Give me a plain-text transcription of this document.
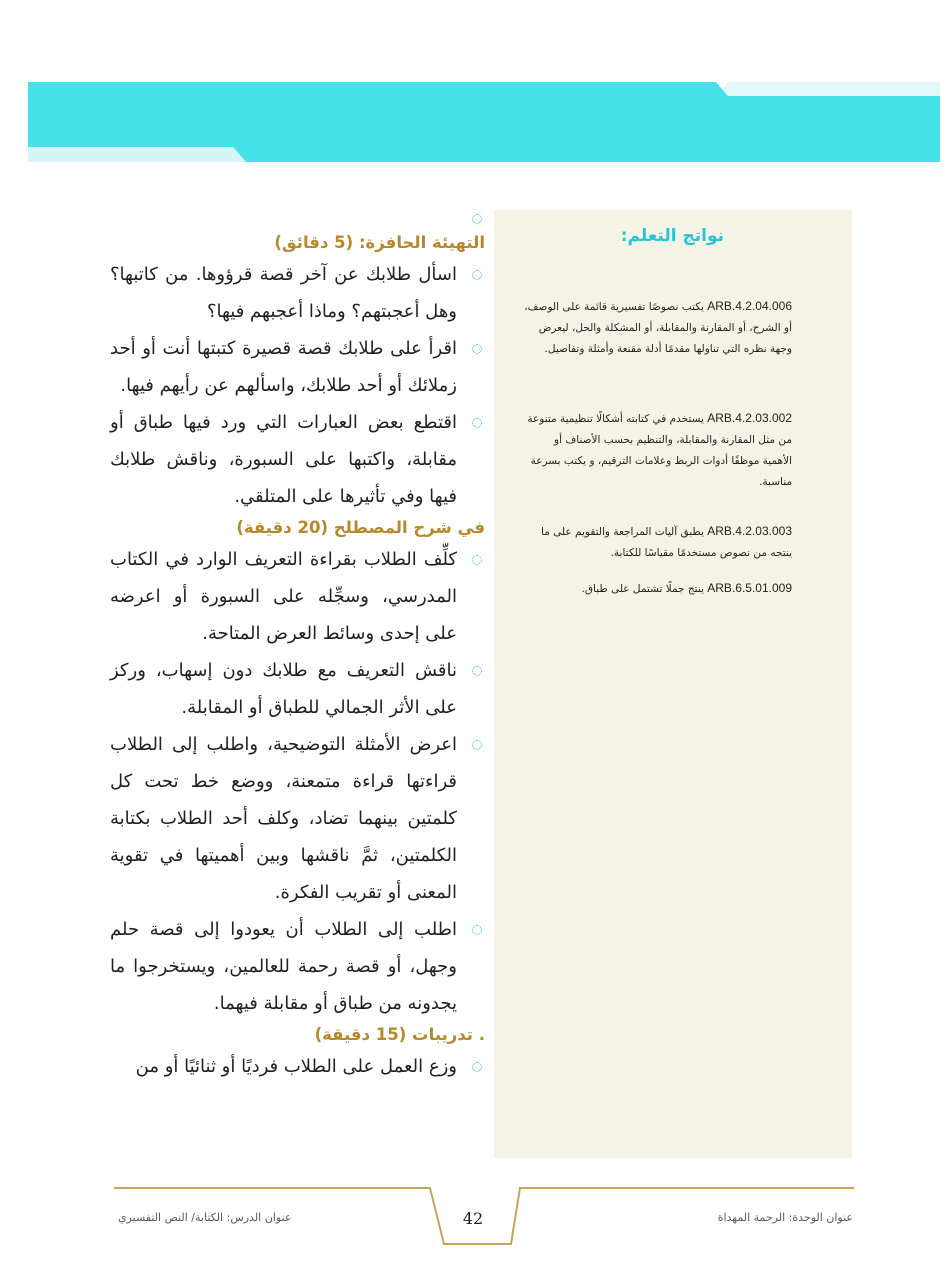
نواتج التعلم:
ARB.4.2.04.006 يكتب نصوصًا تفسيرية قائمة على الوصف، أو الشرح، أو المقارنة والمقابلة، أو المشكلة والحل، ليعرض وجهة نظره التي تناولها مقدمًا أدلة مقنعة وأمثلة وتفاصيل.
ARB.4.2.03.002 يستخدم في كتابته أشكالًا تنظيمية متنوعة من مثل المقارنة والمقابلة، والتنظيم بحسب الأصناف أو الأهمية موظفًا أدوات الربط وعلامات الترقيم، و يكتب بسرعة مناسبة.
ARB.4.2.03.003 يطبق آليات المراجعة والتقويم على ما ينتجه من نصوص مستخدمًا مقياسًا للكتابة.
ARB.6.5.01.009 ينتج جملًا تشتمل على طباق.
التهيئة الحافزة: (5 دقائق)
اسأل طلابك عن آخر قصة قرؤوها. من كاتبها؟ وهل أعجبتهم؟ وماذا أعجبهم فيها؟
اقرأ على طلابك قصة قصيرة كتبتها أنت أو أحد زملائك أو أحد طلابك، واسألهم عن رأيهم فيها.
اقتطع بعض العبارات التي ورد فيها طباق أو مقابلة، واكتبها على السبورة، وناقش طلابك فيها وفي تأثيرها على المتلقي.
في شرح المصطلح (20 دقيقة)
كلِّف الطلاب بقراءة التعريف الوارد في الكتاب المدرسي، وسجِّله على السبورة أو اعرضه على إحدى وسائط العرض المتاحة.
ناقش التعريف مع طلابك دون إسهاب، وركز على الأثر الجمالي للطباق أو المقابلة.
اعرض الأمثلة التوضيحية، واطلب إلى الطلاب قراءتها قراءة متمعنة، ووضع خط تحت كل كلمتين بينهما تضاد، وكلف أحد الطلاب بكتابة الكلمتين، ثمَّ ناقشها وبين أهميتها في تقوية المعنى أو تقريب الفكرة.
اطلب إلى الطلاب أن يعودوا إلى قصة حلم وجهل، أو قصة رحمة للعالمين، ويستخرجوا ما يجدونه من طباق أو مقابلة فيهما.
. تدريبات (15 دقيقة)
وزع العمل على الطلاب فرديًا أو ثنائيًا أو من
عنوان الوحدة: الرحمة المهداة
عنوان الدرس: الكتابة/ النص التفسيري	42
